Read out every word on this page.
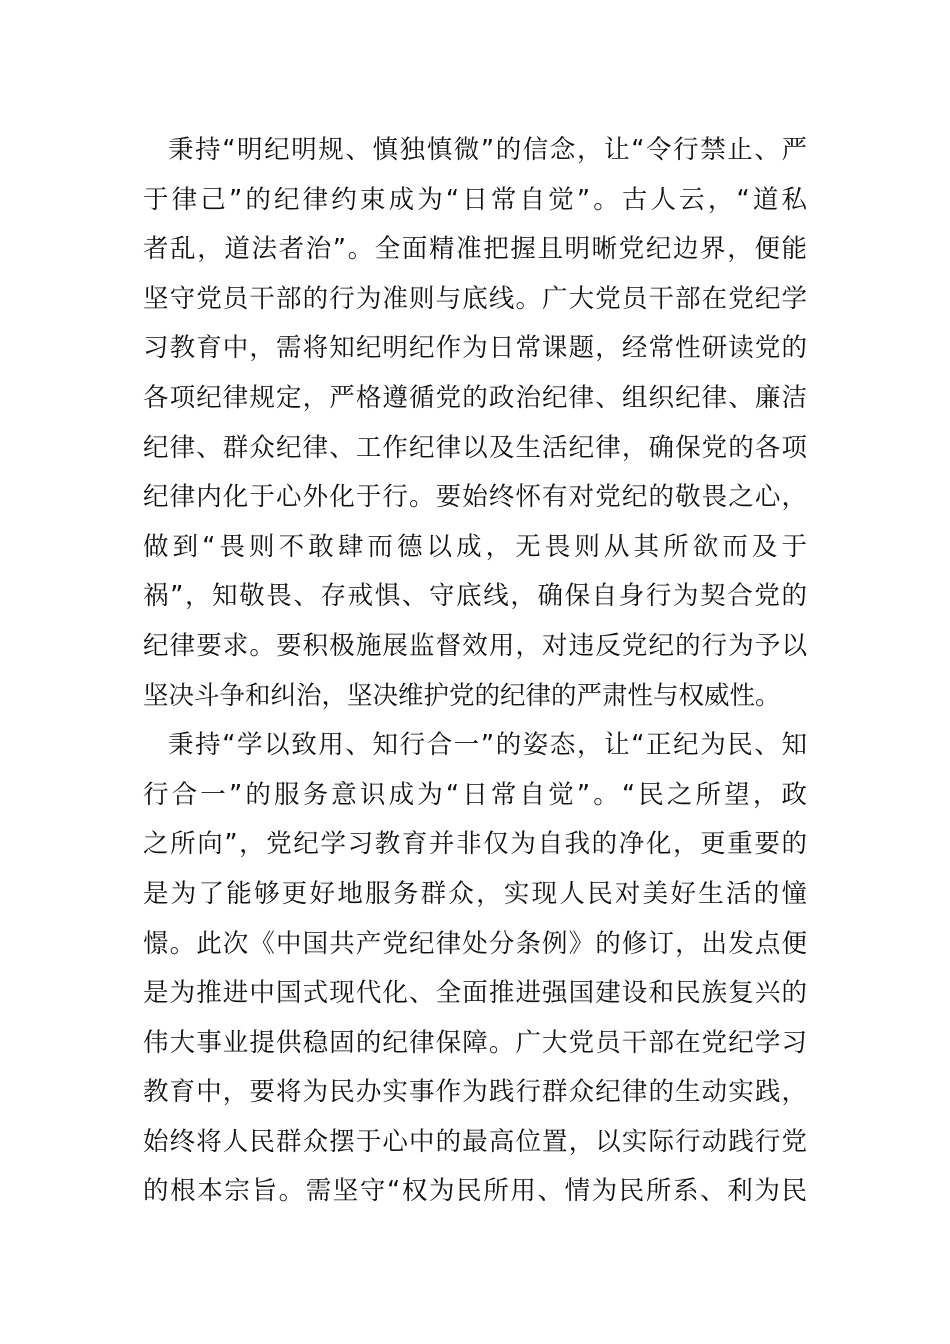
秉持“明纪明规、慎独慎微”的信念，让“令行禁止、严
于律己”的纪律约束成为“日常自觉”。古人云，“道私
者乱，道法者治”。全面精准把握且明晰党纪边界，便能
坚守党员干部的行为准则与底线。广大党员干部在党纪学
习教育中，需将知纪明纪作为日常课题，经常性研读党的
各项纪律规定，严格遵循党的政治纪律、组织纪律、廉洁
纪律、群众纪律、工作纪律以及生活纪律，确保党的各项
纪律内化于心外化于行。要始终怀有对党纪的敬畏之心，
做到“畏则不敢肆而德以成，无畏则从其所欲而及于
祸”，知敬畏、存戒惧、守底线，确保自身行为契合党的
纪律要求。要积极施展监督效用，对违反党纪的行为予以
坚决斗争和纠治，坚决维护党的纪律的严肃性与权威性。
秉持“学以致用、知行合一”的姿态，让“正纪为民、知
行合一”的服务意识成为“日常自觉”。“民之所望，政
之所向”，党纪学习教育并非仅为自我的净化，更重要的
是为了能够更好地服务群众，实现人民对美好生活的憧
憬。此次《中国共产党纪律处分条例》的修订，出发点便
是为推进中国式现代化、全面推进强国建设和民族复兴的
伟大事业提供稳固的纪律保障。广大党员干部在党纪学习
教育中，要将为民办实事作为践行群众纪律的生动实践，
始终将人民群众摆于心中的最高位置，以实际行动践行党
的根本宗旨。需坚守“权为民所用、情为民所系、利为民
